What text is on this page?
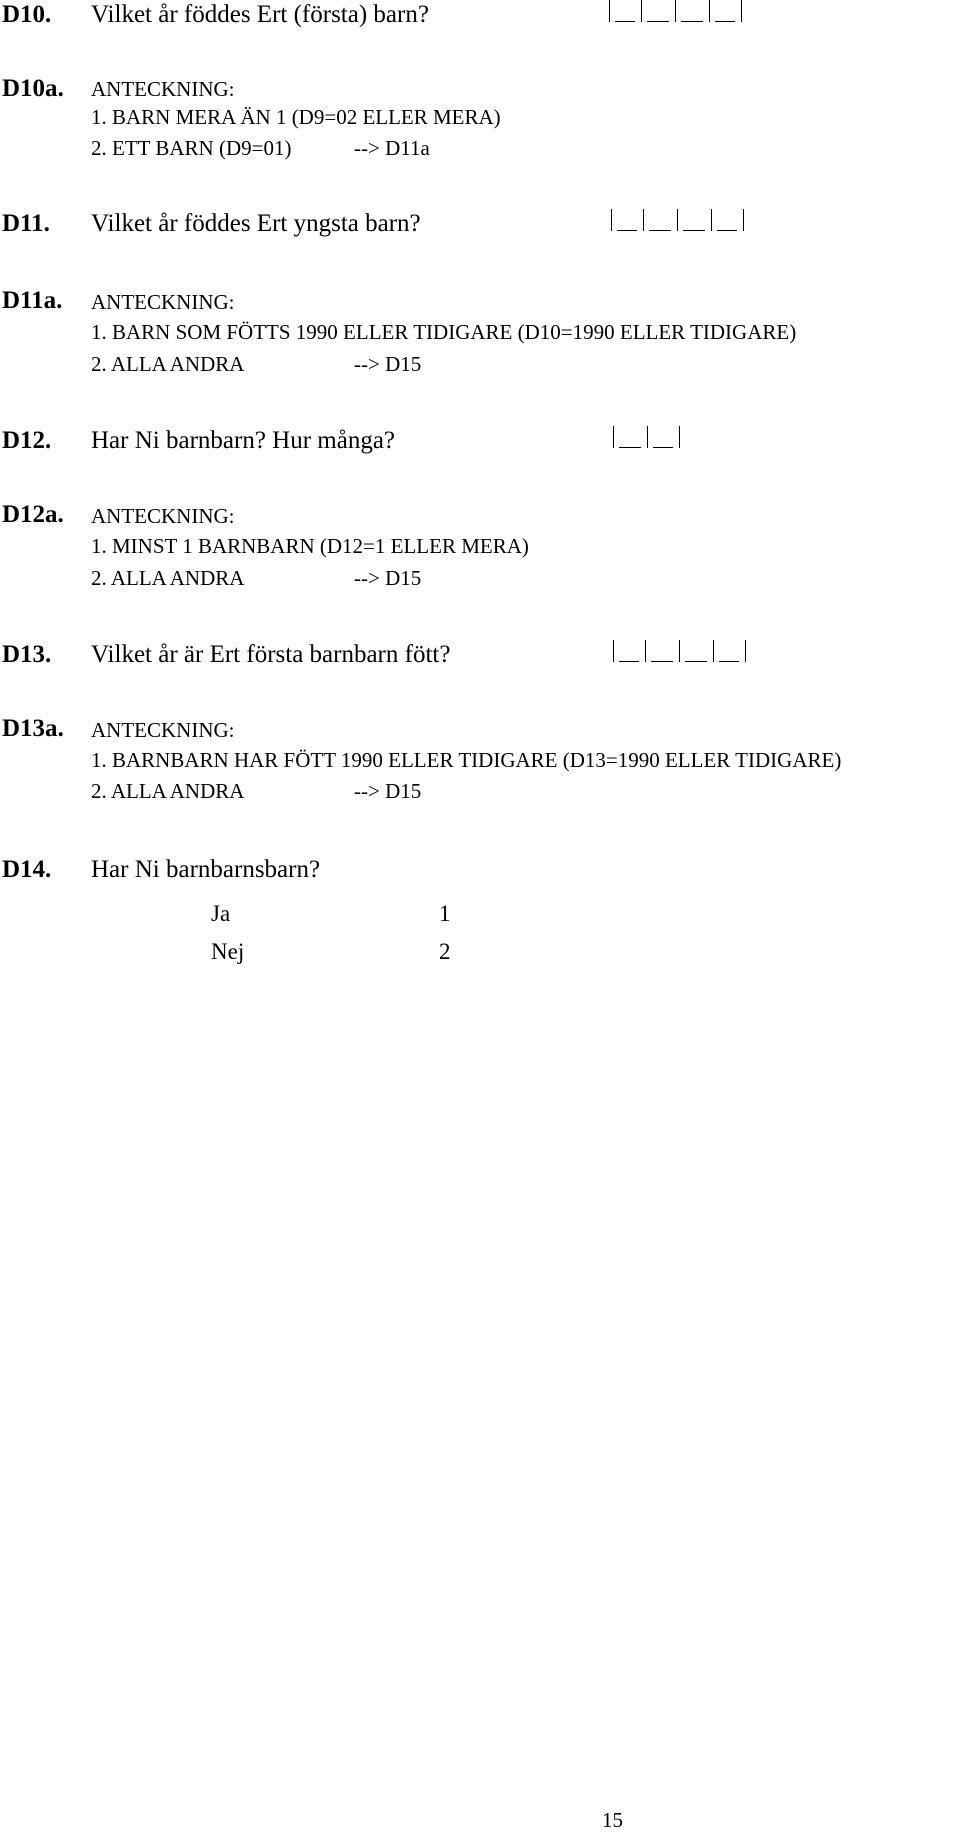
D10. Vilket år föddes Ert (första) barn?
D10a. ANTECKNING:
1. BARN MERA ÄN 1 (D9=02 ELLER MERA)
2. ETT BARN (D9=01)	--> D11a
D11. Vilket år föddes Ert yngsta barn?
D11a. ANTECKNING:
1. BARN SOM FÖTTS 1990 ELLER TIDIGARE (D10=1990 ELLER TIDIGARE)
2. ALLA ANDRA	--> D15
D12. Har Ni barnbarn? Hur många?
D12a. ANTECKNING:
1. MINST 1 BARNBARN (D12=1 ELLER MERA)
2. ALLA ANDRA	--> D15
D13. Vilket år är Ert första barnbarn fött?
D13a. ANTECKNING:
1. BARNBARN HAR FÖTT 1990 ELLER TIDIGARE (D13=1990 ELLER TIDIGARE)
2. ALLA ANDRA	--> D15
D14. Har Ni barnbarnsbarn?
Ja	1
Nej	2
15
